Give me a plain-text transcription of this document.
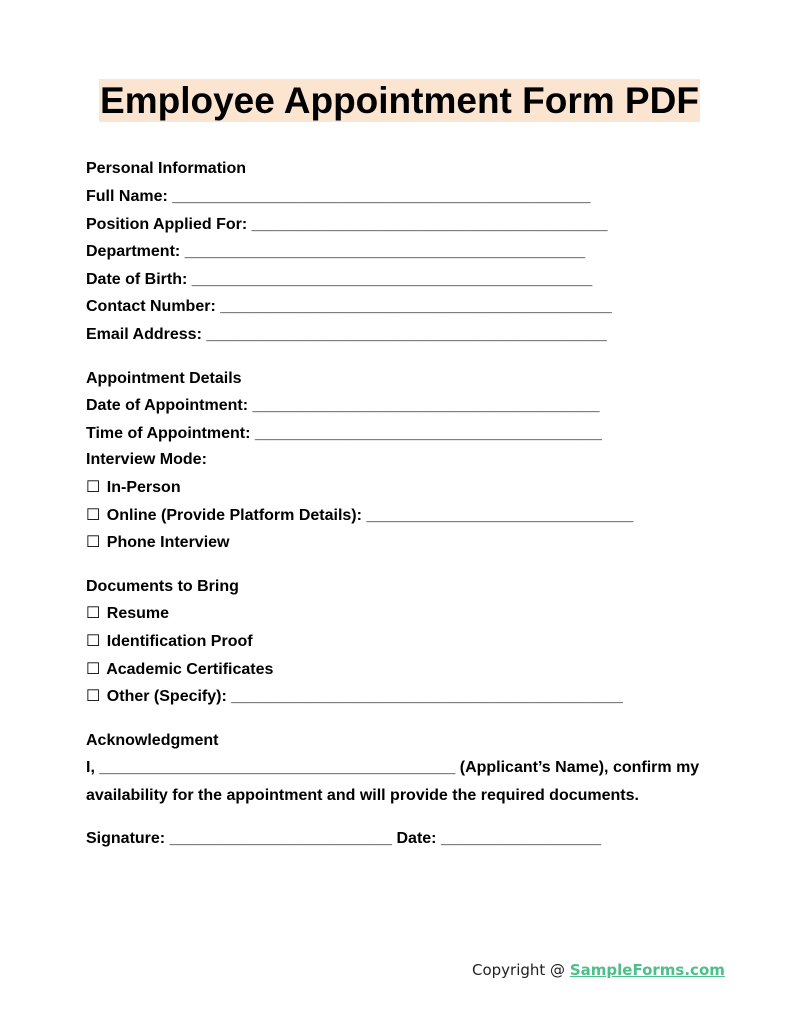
Employee Appointment Form PDF
Personal Information
Full Name: _______________________________________________
Position Applied For: ________________________________________
Department: _____________________________________________
Date of Birth: _____________________________________________
Contact Number: ____________________________________________
Email Address: _____________________________________________
Appointment Details
Date of Appointment: _______________________________________
Time of Appointment: _______________________________________
Interview Mode:
☐ In-Person
☐ Online (Provide Platform Details): ______________________________
☐ Phone Interview
Documents to Bring
☐ Resume
☐ Identification Proof
☐ Academic Certificates
☐ Other (Specify): ____________________________________________
Acknowledgment
I, ________________________________________ (Applicant’s Name), confirm my
availability for the appointment and will provide the required documents.
Signature: _________________________ Date: __________________
Copyright @ SampleForms.com
